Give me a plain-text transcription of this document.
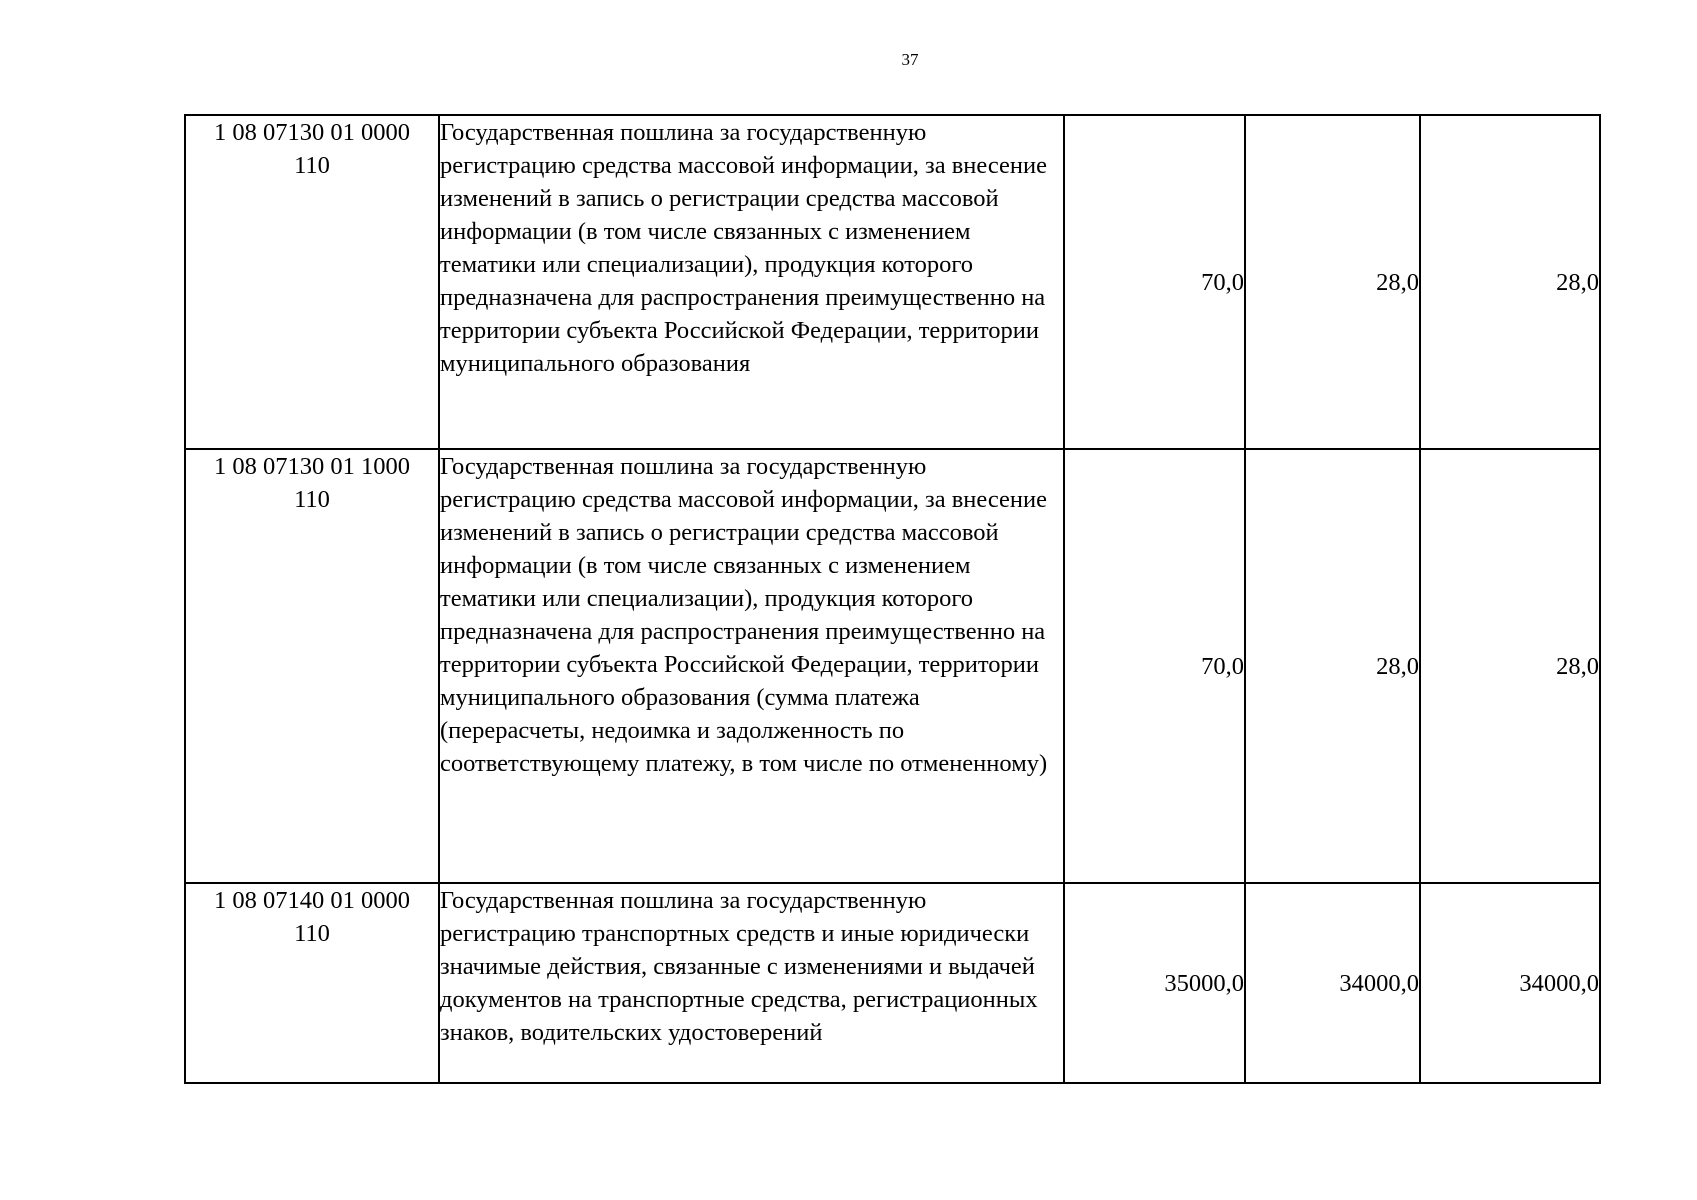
37
1 08 07130 01 0000
110	Государственная пошлина за государственную регистрацию средства массовой информации, за внесение изменений в запись о регистрации средства массовой информации (в том числе связанных с изменением тематики или специализации), продукция которого предназначена для распространения преимущественно на территории субъекта Российской Федерации, территории муниципального образования	70,0	28,0	28,0

1 08 07130 01 1000
110	Государственная пошлина за государственную регистрацию средства массовой информации, за внесение изменений в запись о регистрации средства массовой информации (в том числе связанных с изменением тематики или специализации), продукция которого предназначена для распространения преимущественно на территории субъекта Российской Федерации, территории муниципального образования (сумма платежа (перерасчеты, недоимка и задолженность по соответствующему платежу, в том числе по отмененному)	70,0	28,0	28,0

1 08 07140 01 0000
110	Государственная пошлина за государственную регистрацию транспортных средств и иные юридически значимые действия, связанные с изменениями и выдачей документов на транспортные средства, регистрационных знаков, водительских удостоверений	35000,0	34000,0	34000,0
